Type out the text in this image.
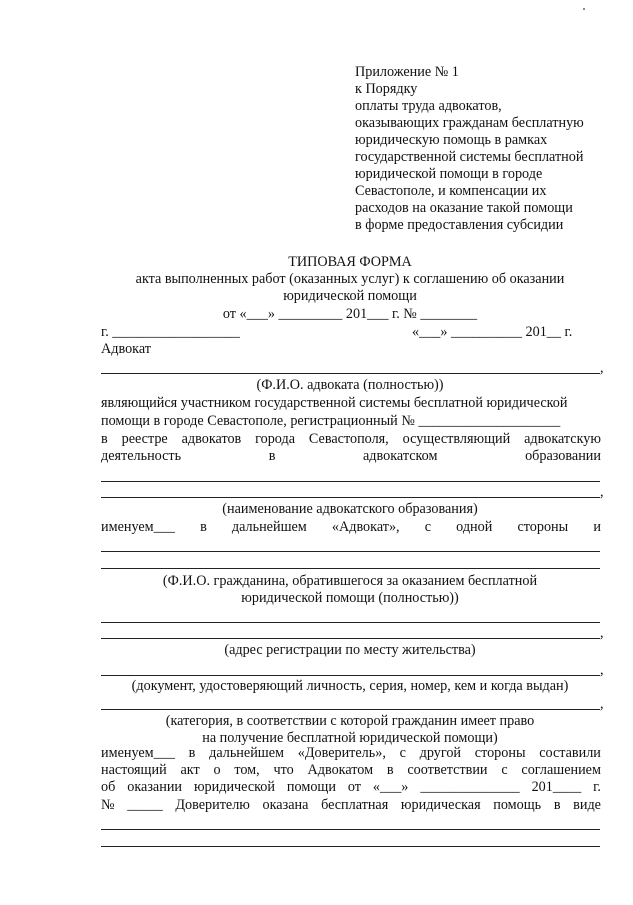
Приложение № 1
к Порядку
оплаты труда адвокатов,
оказывающих гражданам бесплатную
юридическую помощь в рамках
государственной системы бесплатной
юридической помощи в городе
Севастополе, и компенсации их
расходов на оказание такой помощи
в форме предоставления субсидии
ТИПОВАЯ ФОРМА
акта выполненных работ (оказанных услуг) к соглашению об оказании
юридической помощи
от «___» _________ 201___ г. № ________
г. __________________	«___» __________ 201__ г.
Адвокат
,
(Ф.И.О. адвоката (полностью))
являющийся участником государственной системы бесплатной юридической
помощи в городе Севастополе, регистрационный № ____________________
в реестре адвокатов города Севастополя, осуществляющий адвокатскую
деятельность	в	адвокатском	образовании
,
(наименование адвокатского образования)
именуем___ в дальнейшем «Адвокат», с одной стороны и
(Ф.И.О. гражданина, обратившегося за оказанием бесплатной
юридической помощи (полностью))
,
(адрес регистрации по месту жительства)
,
(документ, удостоверяющий личность, серия, номер, кем и когда выдан)
,
(категория, в соответствии с которой гражданин имеет право
на получение бесплатной юридической помощи)
именуем___ в дальнейшем «Доверитель», с другой стороны составили
настоящий акт о том, что Адвокатом в соответствии с соглашением
об оказании юридической помощи от «___» ______________ 201____ г.
№ _____ Доверителю оказана бесплатная юридическая помощь в виде
